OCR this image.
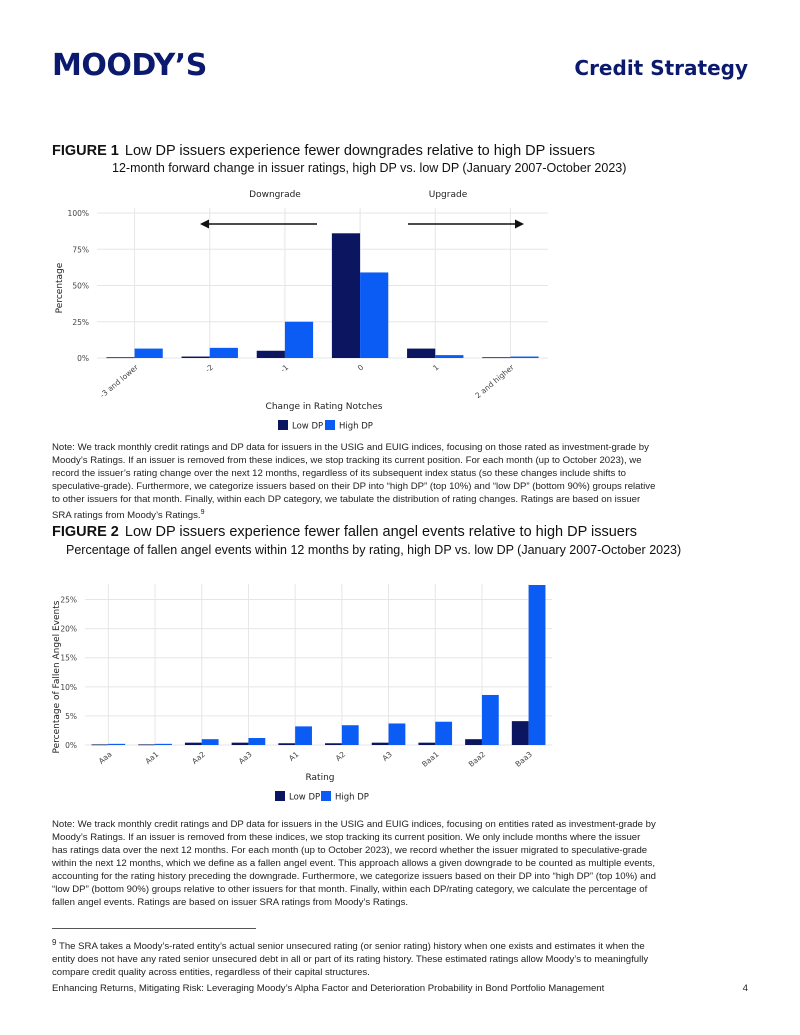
MOODY’S	Credit Strategy
FIGURE 1 Low DP issuers experience fewer downgrades relative to high DP issuers
12-month forward change in issuer ratings, high DP vs. low DP (January 2007-October 2023)
0%
25%
50%
75%
100%
-3 and lower	-2	-1	0	1	2 and higher
Downgrade	Upgrade
Percentage
Change in Rating Notches
Low DP High DP
Note: We track monthly credit ratings and DP data for issuers in the USIG and EUIG indices, focusing on those rated as investment-grade by Moody’s Ratings. If an issuer is removed from these indices, we stop tracking its current position. For each month (up to October 2023), we record the issuer’s rating change over the next 12 months, regardless of its subsequent index status (so these changes include shifts to speculative-grade). Furthermore, we categorize issuers based on their DP into “high DP” (top 10%) and “low DP” (bottom 90%) groups relative to other issuers for that month. Finally, within each DP category, we tabulate the distribution of rating changes. Ratings are based on issuer SRA ratings from Moody’s Ratings.$^9$
FIGURE 2 Low DP issuers experience fewer fallen angel events relative to high DP issuers
Percentage of fallen angel events within 12 months by rating, high DP vs. low DP (January 2007-October 2023)
0%
5%
10%
15%
20%
25%
Aaa	Aa1	Aa2	Aa3	A1	A2	A3	Baa1	Baa2	Baa3
Percentage of Fallen Angel Events
Rating
Low DP High DP
Note: We track monthly credit ratings and DP data for issuers in the USIG and EUIG indices, focusing on entities rated as investment-grade by Moody’s Ratings. If an issuer is removed from these indices, we stop tracking its current position. We only include months where the issuer has ratings data over the next 12 months. For each month (up to October 2023), we record whether the issuer migrated to speculative-grade within the next 12 months, which we define as a fallen angel event. This approach allows a given downgrade to be counted as multiple events, accounting for the rating history preceding the downgrade. Furthermore, we categorize issuers based on their DP into “high DP” (top 10%) and “low DP” (bottom 90%) groups relative to other issuers for that month. Finally, within each DP/rating category, we calculate the percentage of fallen angel events. Ratings are based on issuer SRA ratings from Moody’s Ratings.
$^9$ The SRA takes a Moody’s-rated entity’s actual senior unsecured rating (or senior rating) history when one exists and estimates it when the entity does not have any rated senior unsecured debt in all or part of its rating history. These estimated ratings allow Moody’s to meaningfully compare credit quality across entities, regardless of their capital structures.
Enhancing Returns, Mitigating Risk: Leveraging Moody’s Alpha Factor and Deterioration Probability in Bond Portfolio Management	4
